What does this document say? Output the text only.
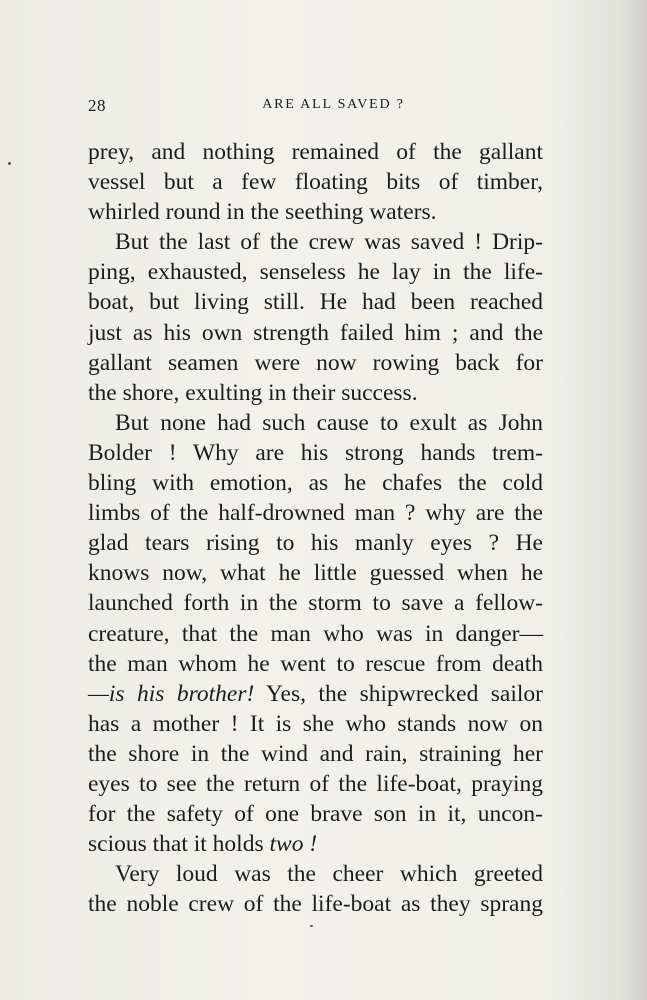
28	ARE ALL SAVED ?
prey, and nothing remained of the gallant
vessel but a few floating bits of timber,
whirled round in the seething waters.
But the last of the crew was saved ! Drip-
ping, exhausted, senseless he lay in the life-
boat, but living still. He had been reached
just as his own strength failed him ; and the
gallant seamen were now rowing back for
the shore, exulting in their success.
But none had such cause to exult as John
Bolder ! Why are his strong hands trem-
bling with emotion, as he chafes the cold
limbs of the half-drowned man ? why are the
glad tears rising to his manly eyes ? He
knows now, what he little guessed when he
launched forth in the storm to save a fellow-
creature, that the man who was in danger—
the man whom he went to rescue from death
—is his brother! Yes, the shipwrecked sailor
has a mother ! It is she who stands now on
the shore in the wind and rain, straining her
eyes to see the return of the life-boat, praying
for the safety of one brave son in it, uncon-
scious that it holds two !
Very loud was the cheer which greeted
the noble crew of the life-boat as they sprang
